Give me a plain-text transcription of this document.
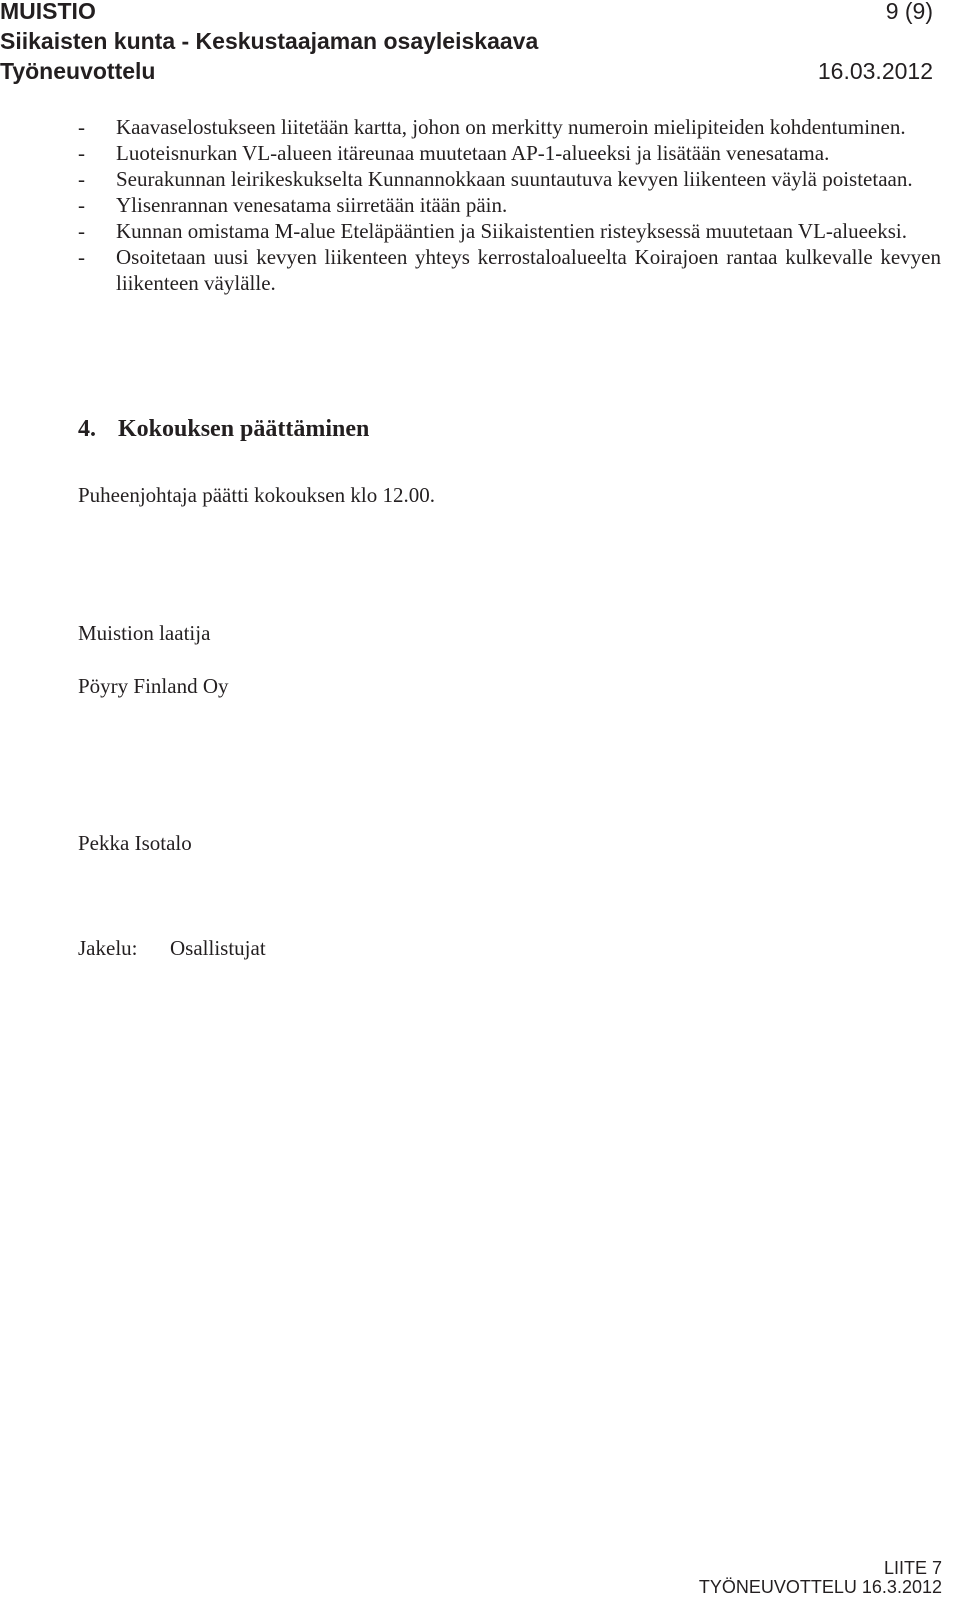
MUISTIO	9 (9)
Siikaisten kunta - Keskustaajaman osayleiskaava
Työneuvottelu	16.03.2012
- Kaavaselostukseen liitetään kartta, johon on merkitty numeroin mielipiteiden kohdentuminen.
- Luoteisnurkan VL-alueen itäreunaa muutetaan AP-1-alueeksi ja lisätään venesatama.
- Seurakunnan leirikeskukselta Kunnannokkaan suuntautuva kevyen liikenteen väylä poistetaan.
- Ylisenrannan venesatama siirretään itään päin.
- Kunnan omistama M-alue Eteläpääntien ja Siikaistentien risteyksessä muutetaan VL-alueeksi.
- Osoitetaan uusi kevyen liikenteen yhteys kerrostaloalueelta Koirajoen rantaa kulkevalle kevyen liikenteen väylälle.
4. Kokouksen päättäminen
Puheenjohtaja päätti kokouksen klo 12.00.
Muistion laatija
Pöyry Finland Oy
Pekka Isotalo
Jakelu: Osallistujat
LIITE 7
TYÖNEUVOTTELU 16.3.2012
